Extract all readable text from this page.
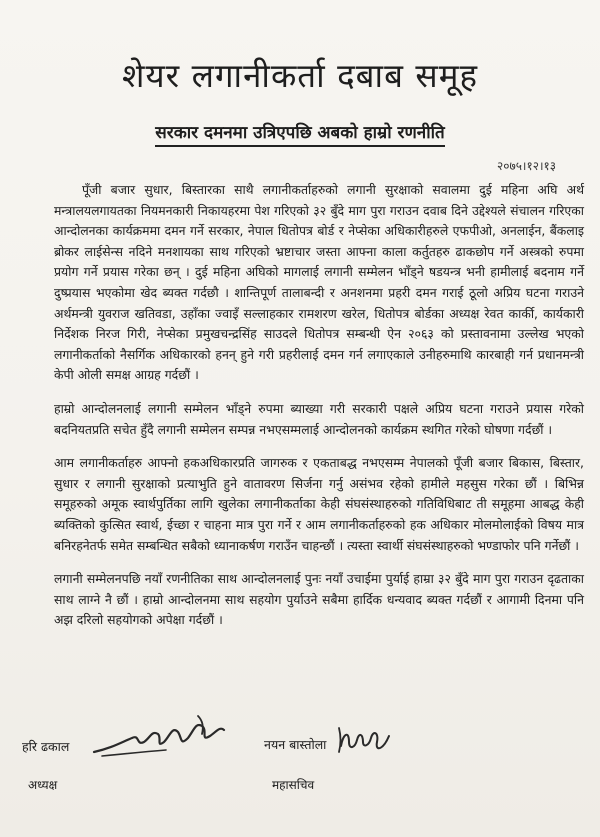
शेयर लगानीकर्ता दबाब समूह
सरकार दमनमा उत्रिएपछि अबको हाम्रो रणनीति
२०७५।१२।१३

पूँजी बजार सुधार, बिस्तारका साथै लगानीकर्ताहरुको लगानी सुरक्षाको सवालमा दुई महिना अघि अर्थ मन्त्रालयलगायतका नियमनकारी निकायहरमा पेश गरिएको ३२ बुँदे माग पुरा गराउन दवाब दिने उद्देश्यले संचालन गरिएका आन्दोलनका कार्यक्रममा दमन गर्ने सरकार, नेपाल धितोपत्र बोर्ड र नेप्सेका अधिकारीहरुले एफपीओ, अनलाईन, बैंकलाइ ब्रोकर लाईसेन्स नदिने मनशायका साथ गरिएको भ्रष्टाचार जस्ता आफ्ना काला कर्तुतहरु ढाकछोप गर्ने अस्त्रको रुपमा प्रयोग गर्ने प्रयास गरेका छन् । दुई महिना अघिको मागलाई लगानी सम्मेलन भाँड्ने षडयन्त्र भनी हामीलाई बदनाम गर्ने दुष्प्रयास भएकोमा खेद ब्यक्त गर्दछौ । शान्तिपूर्ण तालाबन्दी र अनशनमा प्रहरी दमन गराई ठूलो अप्रिय घटना गराउने अर्थमन्त्री युवराज खतिवडा, उहाँका ज्वाइँ सल्लाहकार रामशरण खरेल, धितोपत्र बोर्डका अध्यक्ष रेवत कार्की, कार्यकारी निर्देशक निरज गिरी, नेप्सेका प्रमुखचन्द्रसिंह साउदले धितोपत्र सम्बन्धी ऐन २०६३ को प्रस्तावनामा उल्लेख भएको लगानीकर्ताको नैसर्गिक अधिकारको हनन् हुने गरी प्रहरीलाई दमन गर्न लगाएकाले उनीहरुमाथि कारबाही गर्न प्रधानमन्त्री केपी ओली समक्ष आग्रह गर्दछौं ।

हाम्रो आन्दोलनलाई लगानी सम्मेलन भाँड्ने रुपमा ब्याख्या गरी सरकारी पक्षले अप्रिय घटना गराउने प्रयास गरेको बदनियतप्रति सचेत हुँदै लगानी सम्मेलन सम्पन्न नभएसम्मलाई आन्दोलनको कार्यक्रम स्थगित गरेको घोषणा गर्दछौं ।

आम लगानीकर्ताहरु आफ्नो हकअधिकारप्रति जागरुक र एकताबद्ध नभएसम्म नेपालको पूँजी बजार बिकास, बिस्तार, सुधार र लगानी सुरक्षाको प्रत्याभुति हुने वातावरण सिर्जना गर्नु असंभव रहेको हामीले महसुस गरेका छौं । बिभिन्न समूहरुको अमूक स्वार्थपुर्तिका लागि खुलेका लगानीकर्ताका केही संघसंस्थाहरुको गतिविधिबाट ती समूहमा आबद्ध केही ब्यक्तिको कुत्सित स्वार्थ, ईच्छा र चाहना मात्र पुरा गर्ने र आम लगानीकर्ताहरुको हक अधिकार मोलमोलाईको विषय मात्र बनिरहनेतर्फ समेत सम्बन्धित सबैको ध्यानाकर्षण गराउँन चाहन्छौं । त्यस्ता स्वार्थी संघसंस्थाहरुको भण्डाफोर पनि गर्नेछौं ।

लगानी सम्मेलनपछि नयाँ रणनीतिका साथ आन्दोलनलाई पुनः नयाँ उचाईमा पुर्याई हाम्रा ३२ बुँदे माग पुरा गराउन दृढताका साथ लाग्ने नै छौं । हाम्रो आन्दोलनमा साथ सहयोग पुर्याउने सबैमा हार्दिक धन्यवाद ब्यक्त गर्दछौं र आगामी दिनमा पनि अझ दरिलो सहयोगको अपेक्षा गर्दछौं ।

हरि ढकाल
अध्यक्ष
नयन बास्तोला
महासचिव
